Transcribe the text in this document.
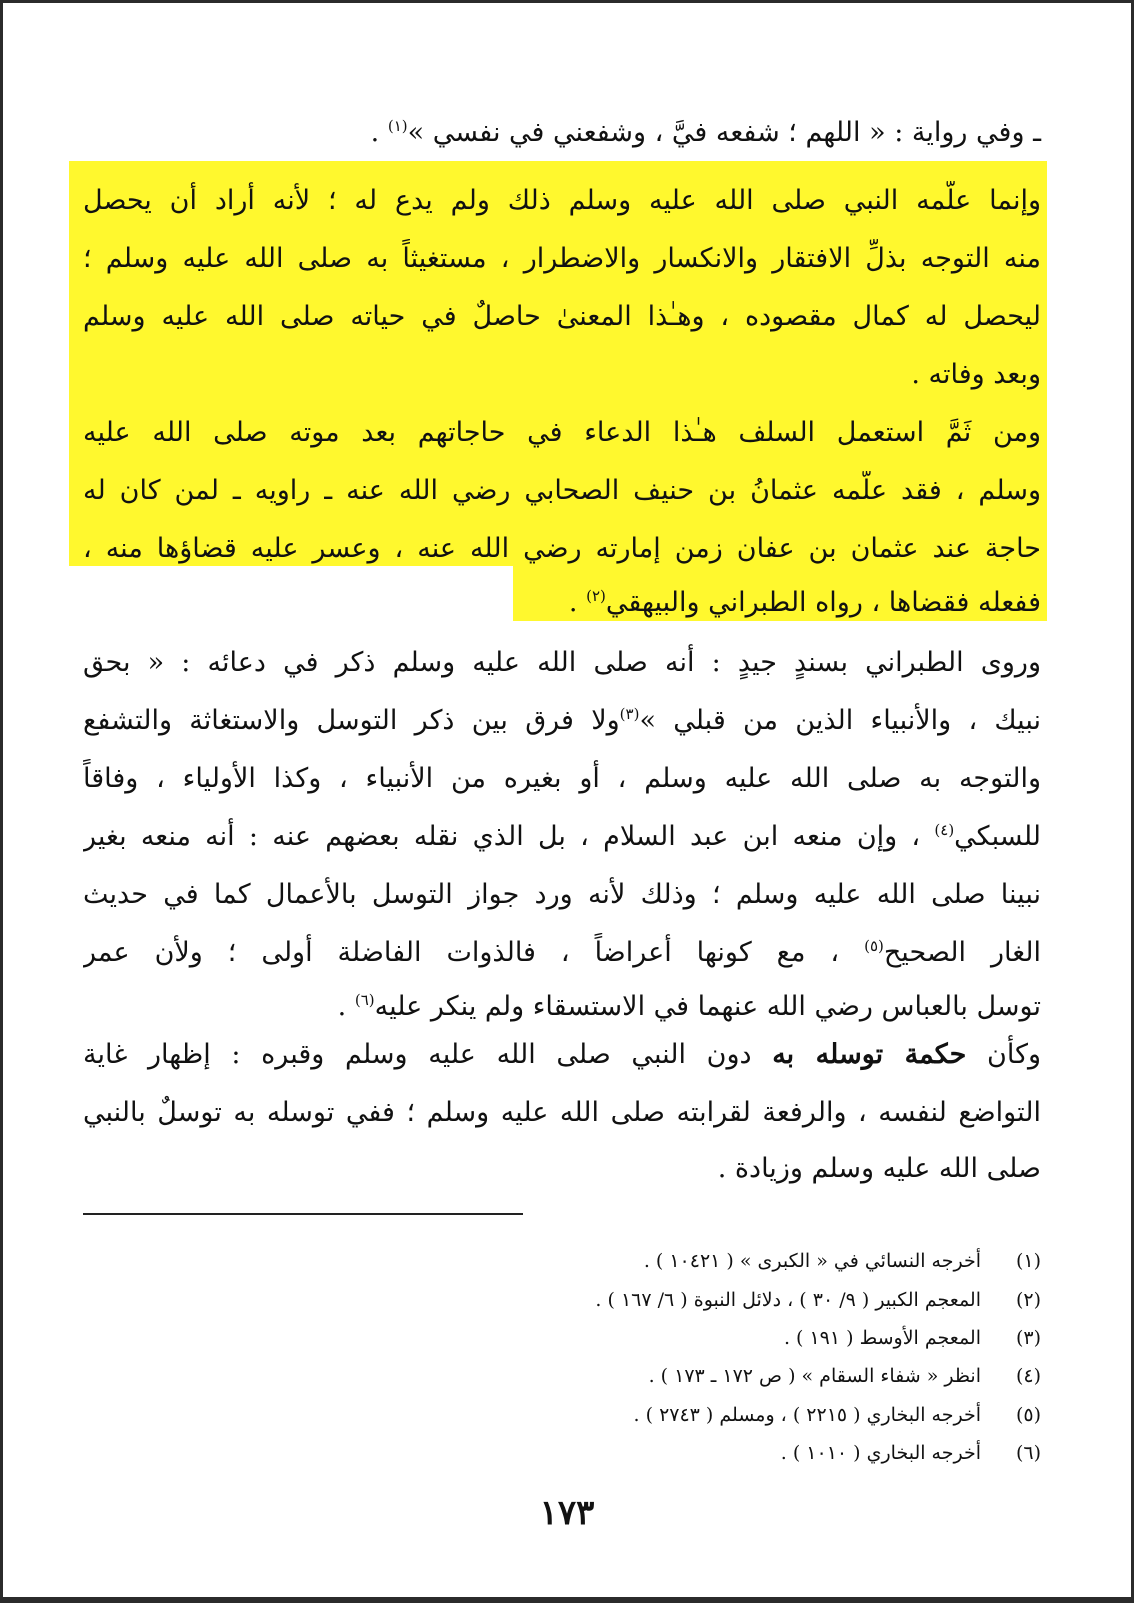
ـ وفي رواية : « اللهم ؛ شفعه فيَّ ، وشفعني في نفسي »$^{(١)}$ .
وإنما علَّمه النبي صلى الله عليه وسلم ذلك ولم يدع له ؛ لأنه أراد أن يحصل
منه التوجه بذلِّ الافتقار والانكسار والاضطرار ، مستغيثاً به صلى الله عليه وسلم ؛
ليحصل له كمال مقصوده ، وهـٰذا المعنىٰ حاصلٌ في حياته صلى الله عليه وسلم
وبعد وفاته .
ومن ثَمَّ استعمل السلف هـٰذا الدعاء في حاجاتهم بعد موته صلى الله عليه
وسلم ، فقد علَّمه عثمانُ بن حنيف الصحابي رضي الله عنه ـ راويه ـ لمن كان له
حاجة عند عثمان بن عفان زمن إمارته رضي الله عنه ، وعسر عليه قضاؤها منه ،
ففعله فقضاها ، رواه الطبراني والبيهقي$^{(٢)}$ .
وروى الطبراني بسندٍ جيدٍ : أنه صلى الله عليه وسلم ذكر في دعائه : « بحق
نبيك ، والأنبياء الذين من قبلي »$^{(٣)}$ولا فرق بين ذكر التوسل والاستغاثة والتشفع
والتوجه به صلى الله عليه وسلم ، أو بغيره من الأنبياء ، وكذا الأولياء ، وفاقاً
للسبكي$^{(٤)}$ ، وإن منعه ابن عبد السلام ، بل الذي نقله بعضهم عنه : أنه منعه بغير
نبينا صلى الله عليه وسلم ؛ وذلك لأنه ورد جواز التوسل بالأعمال كما في حديث
الغار الصحيح$^{(٥)}$ ، مع كونها أعراضاً ، فالذوات الفاضلة أولى ؛ ولأن عمر
توسل بالعباس رضي الله عنهما في الاستسقاء ولم ينكر عليه$^{(٦)}$ .
وكأن حكمة توسله به دون النبي صلى الله عليه وسلم وقبره : إظهار غاية
التواضع لنفسه ، والرفعة لقرابته صلى الله عليه وسلم ؛ ففي توسله به توسلٌ بالنبي
صلى الله عليه وسلم وزيادة .
(١)أخرجه النسائي في « الكبرى » ( ١٠٤٢١ ) .
(٢)المعجم الكبير ( ٩/ ٣٠ ) ، دلائل النبوة ( ٦/ ١٦٧ ) .
(٣)المعجم الأوسط ( ١٩١ ) .
(٤)انظر « شفاء السقام » ( ص ١٧٢ ـ ١٧٣ ) .
(٥)أخرجه البخاري ( ٢٢١٥ ) ، ومسلم ( ٢٧٤٣ ) .
(٦)أخرجه البخاري ( ١٠١٠ ) .
١٧٣
